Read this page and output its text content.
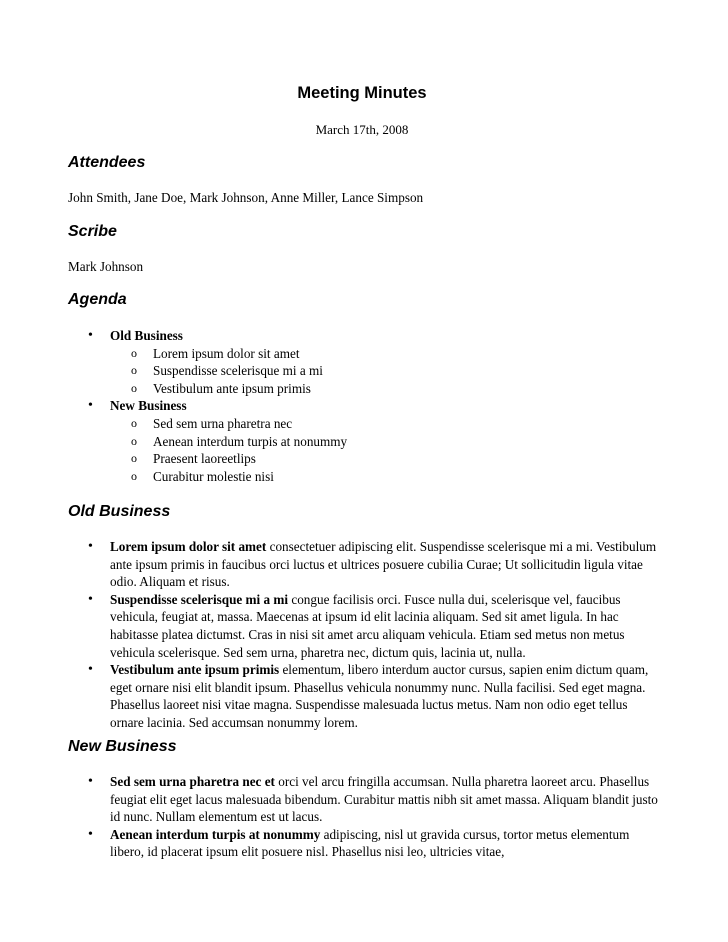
Meeting Minutes
March 17th, 2008
Attendees

John Smith, Jane Doe, Mark Johnson, Anne Miller, Lance Simpson

Scribe

Mark Johnson

Agenda
• Old Business
o Lorem ipsum dolor sit amet
o Suspendisse scelerisque mi a mi
o Vestibulum ante ipsum primis
• New Business
o Sed sem urna pharetra nec
o Aenean interdum turpis at nonummy
o Praesent laoreetlips
o Curabitur molestie nisi
Old Business
• Lorem ipsum dolor sit amet consectetuer adipiscing elit. Suspendisse scelerisque mi a mi. Vestibulum ante ipsum primis in faucibus orci luctus et ultrices posuere cubilia Curae; Ut sollicitudin ligula vitae odio. Aliquam et risus.
• Suspendisse scelerisque mi a mi congue facilisis orci. Fusce nulla dui, scelerisque vel, faucibus vehicula, feugiat at, massa. Maecenas at ipsum id elit lacinia aliquam. Sed sit amet ligula. In hac habitasse platea dictumst. Cras in nisi sit amet arcu aliquam vehicula. Etiam sed metus non metus vehicula scelerisque. Sed sem urna, pharetra nec, dictum quis, lacinia ut, nulla.
• Vestibulum ante ipsum primis elementum, libero interdum auctor cursus, sapien enim dictum quam, eget ornare nisi elit blandit ipsum. Phasellus vehicula nonummy nunc. Nulla facilisi. Sed eget magna. Phasellus laoreet nisi vitae magna. Suspendisse malesuada luctus metus. Nam non odio eget tellus ornare lacinia. Sed accumsan nonummy lorem.
New Business
• Sed sem urna pharetra nec et orci vel arcu fringilla accumsan. Nulla pharetra laoreet arcu. Phasellus feugiat elit eget lacus malesuada bibendum. Curabitur mattis nibh sit amet massa. Aliquam blandit justo id nunc. Nullam elementum est ut lacus.
• Aenean interdum turpis at nonummy adipiscing, nisl ut gravida cursus, tortor metus elementum libero, id placerat ipsum elit posuere nisl. Phasellus nisi leo, ultricies vitae,
